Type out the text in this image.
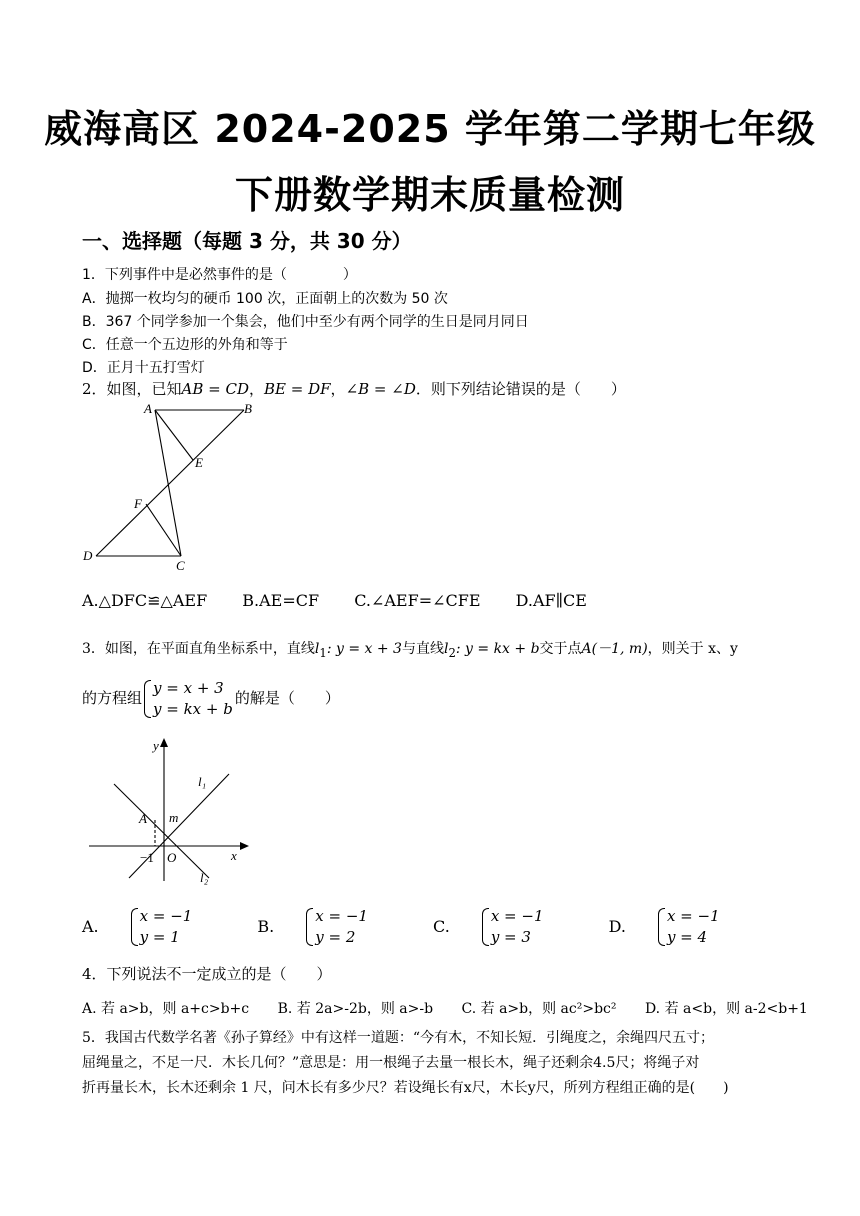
威海高区 2024-2025 学年第二学期七年级
下册数学期末质量检测
一、选择题（每题 3 分，共 30 分）
1．下列事件中是必然事件的是（　　　　）
A．抛掷一枚均匀的硬币 100 次，正面朝上的次数为 50 次
B．367 个同学参加一个集会，他们中至少有两个同学的生日是同月同日
C．任意一个五边形的外角和等于
D．正月十五打雪灯
2．如图，已知AB = CD，BE = DF，∠B = ∠D．则下列结论错误的是（　　）
A	B
E
F
D
C
A.△DFC≌△AEF B.AE=CF C.∠AEF=∠CFE D.AF∥CE
3．如图，在平面直角坐标系中，直线$l_1$: y = x + 3与直线$l_2$: y = kx + b交于点A(－1, m)，则关于 x、y
的方程组
y = x + 3
y = kx + b
的解是（　　）
y
x
O
A m
−1
l₁
l₂
A.
x = −1
y = 1
B.
x = −1
y = 2
C.
x = −1
y = 3
D.
x = −1
y = 4
4．下列说法不一定成立的是（　　）
A. 若 a>b，则 a+c>b+c B. 若 2a>-2b，则 a>-b C. 若 a>b，则 ac²>bc² D. 若 a<b，则 a-2<b+1
5．我国古代数学名著《孙子算经》中有这样一道题：“今有木，不知长短．引绳度之，余绳四尺五寸；
屈绳量之，不足一尺．木长几何？”意思是：用一根绳子去量一根长木，绳子还剩余4.5尺；将绳子对
折再量长木，长木还剩余 1 尺，问木长有多少尺？若设绳长有x尺，木长y尺，所列方程组正确的是(　　)
